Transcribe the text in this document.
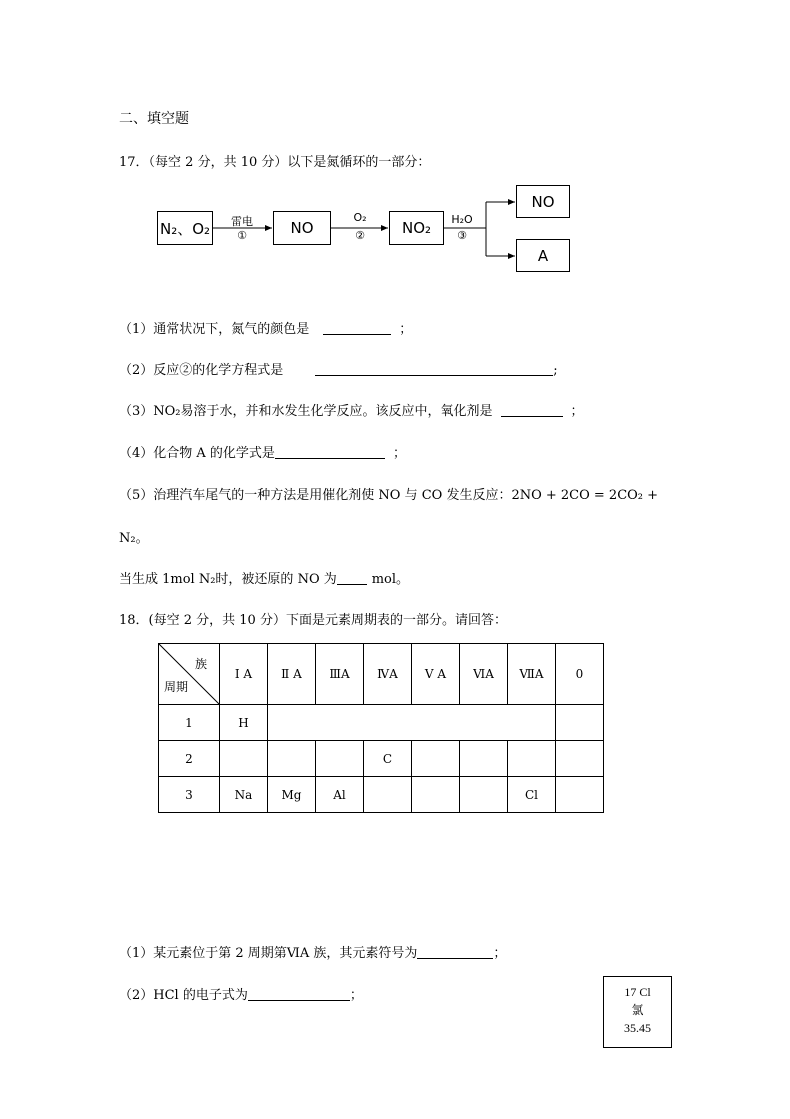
二、填空题
17．（每空 2 分，共 10 分）以下是氮循环的一部分：
N₂、O₂	雷电
①	NO
O₂
②	NO₂	H₂O
③
NO
A
（1）通常状况下，氮气的颜色是	；
（2）反应②的化学方程式是	;
（3）NO₂易溶于水，并和水发生化学反应。该反应中，氧化剂是	；
（4）化合物 A 的化学式是	；
（5）治理汽车尾气的一种方法是用催化剂使 NO 与 CO 发生反应：2NO + 2CO = 2CO₂ +
N₂。
当生成 1mol N₂时，被还原的 NO 为	mol。
18．(每空 2 分，共 10 分）下面是元素周期表的一部分。请回答：
族
周期	Ⅰ A	Ⅱ A	ⅢA	ⅣA	Ⅴ A	ⅥA	ⅦA	0
1	H							
2				C				
3	Na	Mg	Al				Cl	
（1）某元素位于第 2 周期第ⅥA 族，其元素符号为	；
（2）HCl 的电子式为	；	17 Cl
氯
35.45
